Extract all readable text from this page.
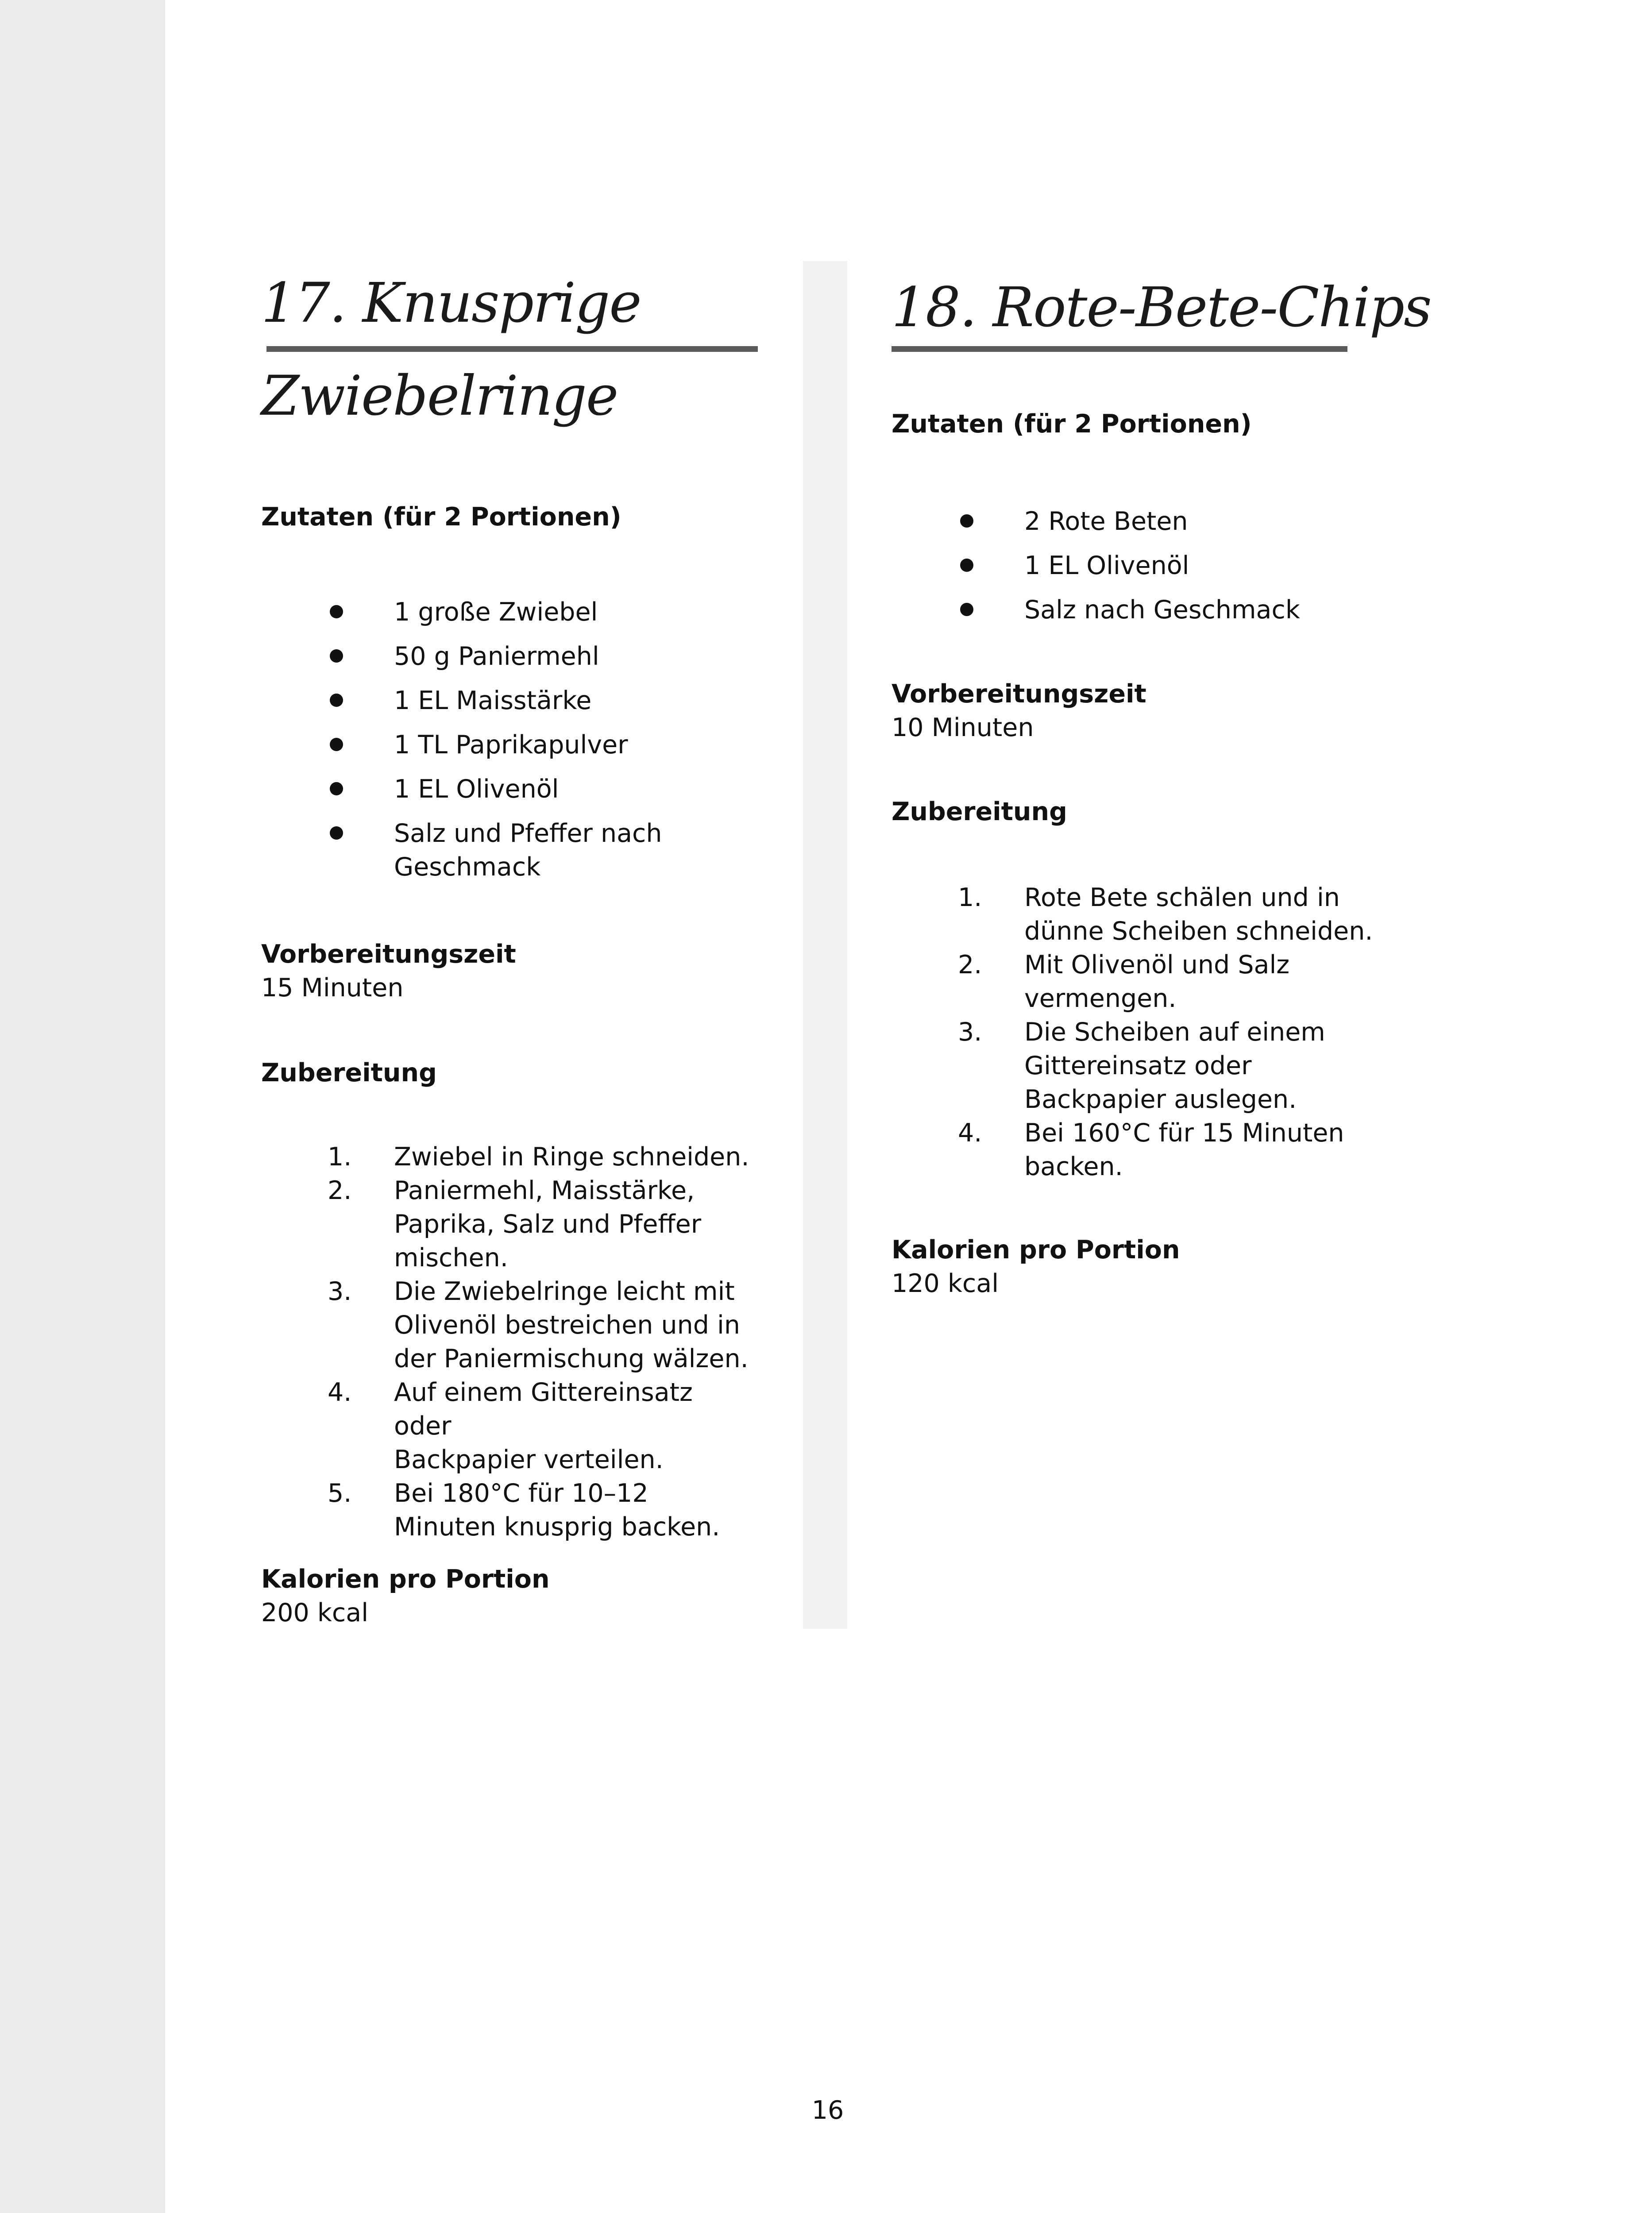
17. Knusprige
Zwiebelringe
Zutaten (für 2 Portionen)
1 große Zwiebel
50 g Paniermehl
1 EL Maisstärke
1 TL Paprikapulver
1 EL Olivenöl
Salz und Pfeffer nach
Geschmack
Vorbereitungszeit
15 Minuten
Zubereitung
1. Zwiebel in Ringe schneiden.
2. Paniermehl, Maisstärke,
Paprika, Salz und Pfeffer
mischen.
3. Die Zwiebelringe leicht mit
Olivenöl bestreichen und in
der Paniermischung wälzen.
4. Auf einem Gittereinsatz oder
Backpapier verteilen.
5. Bei 180°C für 10–12
Minuten knusprig backen.
Kalorien pro Portion
200 kcal
18. Rote-Bete-Chips
Zutaten (für 2 Portionen)
2 Rote Beten
1 EL Olivenöl
Salz nach Geschmack
Vorbereitungszeit
10 Minuten
Zubereitung
1. Rote Bete schälen und in
dünne Scheiben schneiden.
2. Mit Olivenöl und Salz
vermengen.
3. Die Scheiben auf einem
Gittereinsatz oder
Backpapier auslegen.
4. Bei 160°C für 15 Minuten
backen.
Kalorien pro Portion
120 kcal
16
